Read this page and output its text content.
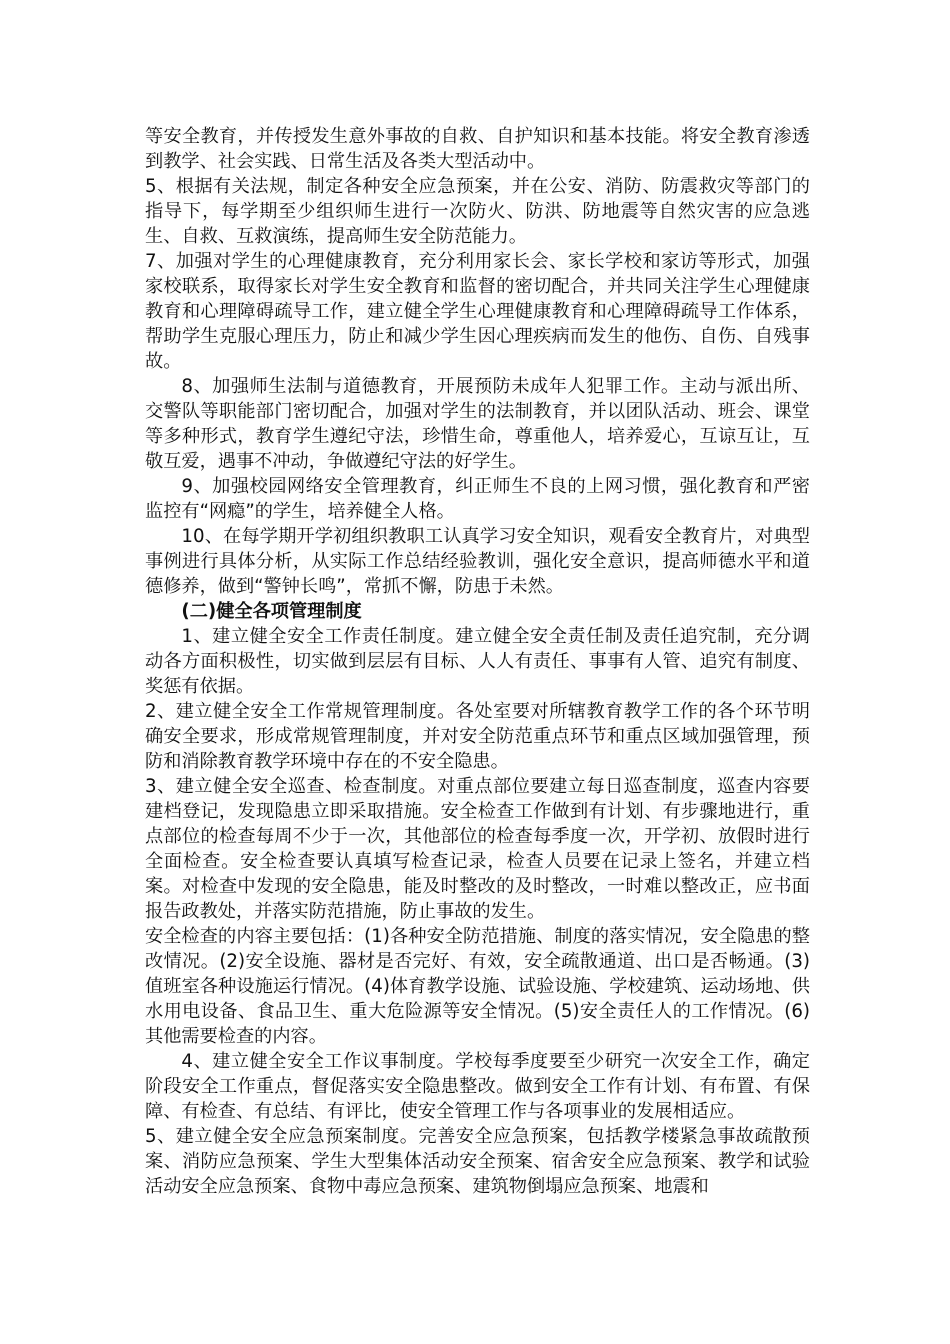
等安全教育，并传授发生意外事故的自救、自护知识和基本技能。将安全教育渗透到教学、社会实践、日常生活及各类大型活动中。

5、根据有关法规，制定各种安全应急预案，并在公安、消防、防震救灾等部门的指导下，每学期至少组织师生进行一次防火、防洪、防地震等自然灾害的应急逃生、自救、互救演练，提高师生安全防范能力。

7、加强对学生的心理健康教育，充分利用家长会、家长学校和家访等形式，加强家校联系，取得家长对学生安全教育和监督的密切配合，并共同关注学生心理健康教育和心理障碍疏导工作，建立健全学生心理健康教育和心理障碍疏导工作体系，帮助学生克服心理压力，防止和减少学生因心理疾病而发生的他伤、自伤、自残事故。

8、加强师生法制与道德教育，开展预防未成年人犯罪工作。主动与派出所、交警队等职能部门密切配合，加强对学生的法制教育，并以团队活动、班会、课堂等多种形式，教育学生遵纪守法，珍惜生命，尊重他人，培养爱心，互谅互让，互敬互爱，遇事不冲动，争做遵纪守法的好学生。

9、加强校园网络安全管理教育，纠正师生不良的上网习惯，强化教育和严密监控有“网瘾”的学生，培养健全人格。

10、在每学期开学初组织教职工认真学习安全知识，观看安全教育片，对典型事例进行具体分析，从实际工作总结经验教训，强化安全意识，提高师德水平和道德修养，做到“警钟长鸣”，常抓不懈，防患于未然。

(二)健全各项管理制度

1、建立健全安全工作责任制度。建立健全安全责任制及责任追究制，充分调动各方面积极性，切实做到层层有目标、人人有责任、事事有人管、追究有制度、奖惩有依据。

2、建立健全安全工作常规管理制度。各处室要对所辖教育教学工作的各个环节明确安全要求，形成常规管理制度，并对安全防范重点环节和重点区域加强管理，预防和消除教育教学环境中存在的不安全隐患。

3、建立健全安全巡查、检查制度。对重点部位要建立每日巡查制度，巡查内容要建档登记，发现隐患立即采取措施。安全检查工作做到有计划、有步骤地进行，重点部位的检查每周不少于一次，其他部位的检查每季度一次，开学初、放假时进行全面检查。安全检查要认真填写检查记录，检查人员要在记录上签名，并建立档案。对检查中发现的安全隐患，能及时整改的及时整改，一时难以整改正，应书面报告政教处，并落实防范措施，防止事故的发生。

安全检查的内容主要包括：(1)各种安全防范措施、制度的落实情况，安全隐患的整改情况。(2)安全设施、器材是否完好、有效，安全疏散通道、出口是否畅通。(3)值班室各种设施运行情况。(4)体育教学设施、试验设施、学校建筑、运动场地、供水用电设备、食品卫生、重大危险源等安全情况。(5)安全责任人的工作情况。(6)其他需要检查的内容。

4、建立健全安全工作议事制度。学校每季度要至少研究一次安全工作，确定阶段安全工作重点，督促落实安全隐患整改。做到安全工作有计划、有布置、有保障、有检查、有总结、有评比，使安全管理工作与各项事业的发展相适应。

5、建立健全安全应急预案制度。完善安全应急预案，包括教学楼紧急事故疏散预案、消防应急预案、学生大型集体活动安全预案、宿舍安全应急预案、教学和试验活动安全应急预案、食物中毒应急预案、建筑物倒塌应急预案、地震和
